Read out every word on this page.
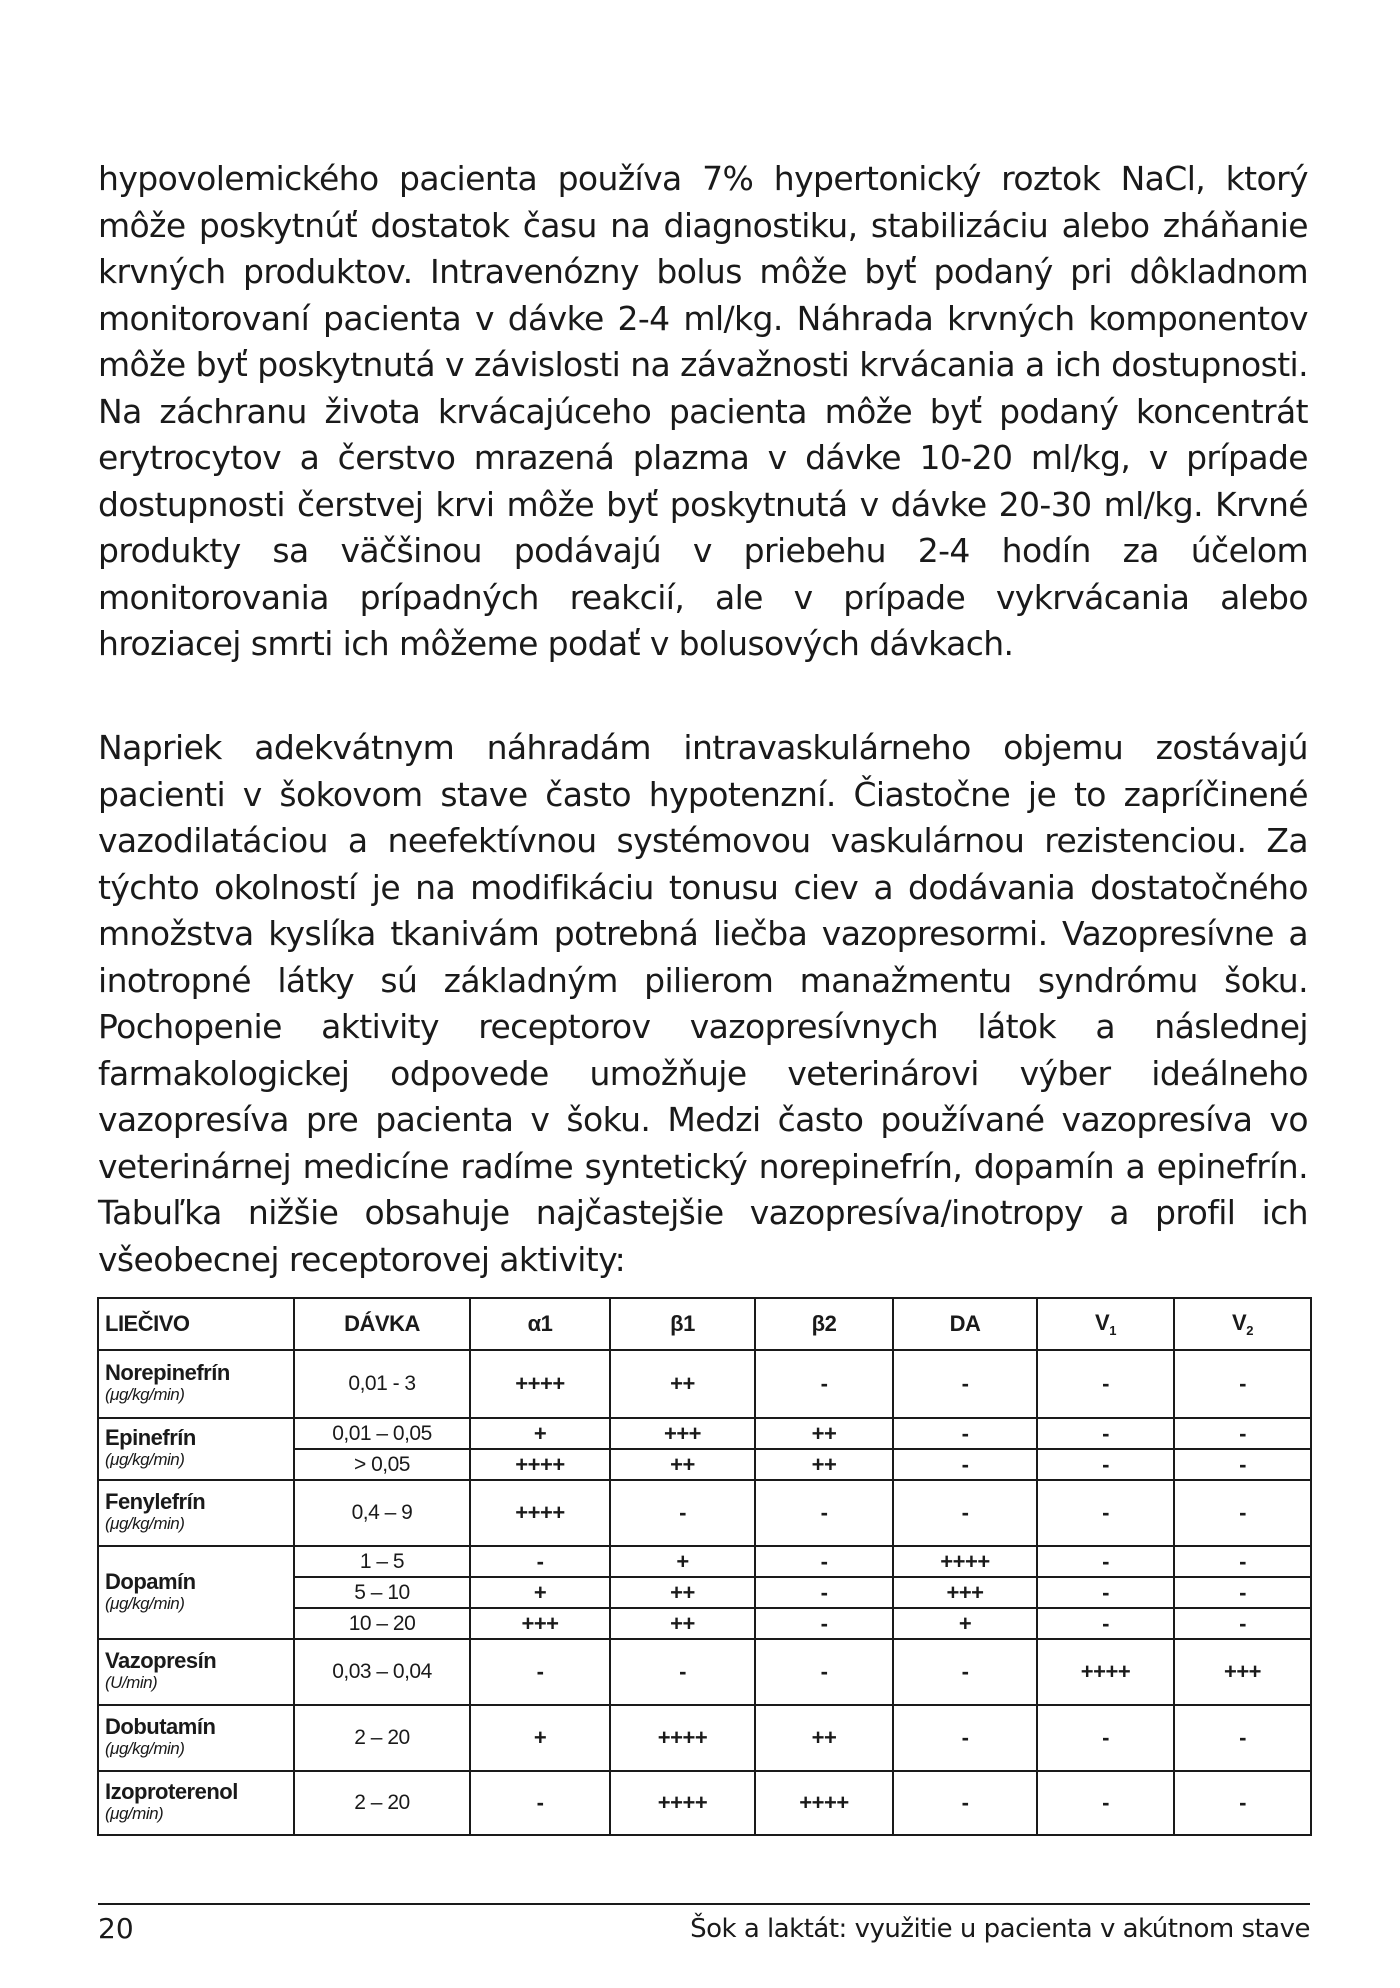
hypovolemického pacienta používa 7% hypertonický roztok NaCl, ktorý môže poskytnúť dostatok času na diagnostiku, stabilizáciu alebo zháňanie krvných produktov. Intravenózny bolus môže byť podaný pri dôkladnom monitorovaní pacienta v dávke 2-4 ml/kg. Náhrada krvných komponentov môže byť poskytnutá v závislosti na závažnosti krvácania a ich dostupnosti. Na záchranu života krvácajúceho pacienta môže byť podaný koncentrát erytrocytov a čerstvo mrazená plazma v dávke 10-20 ml/kg, v prípade dostupnosti čerstvej krvi môže byť poskytnutá v dávke 20-30 ml/kg. Krvné produkty sa väčšinou podávajú v priebehu 2-4 hodín za účelom monitorovania prípadných reakcií, ale v prípade vykrvácania alebo hroziacej smrti ich môžeme podať v bolusových dávkach.

Napriek adekvátnym náhradám intravaskulárneho objemu zostávajú pacienti v šokovom stave často hypotenzní. Čiastočne je to zapríčinené vazodilatáciou a neefektívnou systémovou vaskulárnou rezistenciou. Za týchto okolností je na modifikáciu tonusu ciev a dodávania dostatočného množstva kyslíka tkanivám potrebná liečba vazopresormi. Vazopresívne a inotropné látky sú základným pilierom manažmentu syndrómu šoku. Pochopenie aktivity receptorov vazopresívnych látok a následnej farmakologickej odpovede umožňuje veterinárovi výber ideálneho vazopresíva pre pacienta v šoku. Medzi často používané vazopresíva vo veterinárnej medicíne radíme syntetický norepinefrín, dopamín a epinefrín. Tabuľka nižšie obsahuje najčastejšie vazopresíva/inotropy a profil ich všeobecnej receptorovej aktivity:

LIEČIVO	DÁVKA	α1	β1	β2	DA	$V_1$	$V_2$

Norepinefrín
(μg/kg/min)	0,01 - 3	++++	++	-	-	-	-

Epinefrín
(μg/kg/min)	0,01 – 0,05	+	+++	++	-	-	-
	> 0,05	++++	++	++	-	-	-

Fenylefrín
(μg/kg/min)	0,4 – 9	++++	-	-	-	-	-

Dopamín
(μg/kg/min)	1 – 5	-	+	-	++++	-	-
	5 – 10	+	++	-	+++	-	-
	10 – 20	+++	++	-	+	-	-

Vazopresín
(U/min)	0,03 – 0,04	-	-	-	-	++++	+++

Dobutamín
(μg/kg/min)	2 – 20	+	++++	++	-	-	-

Izoproterenol
(μg/min)	2 – 20	-	++++	++++	-	-	-
20	Šok a laktát: využitie u pacienta v akútnom stave
